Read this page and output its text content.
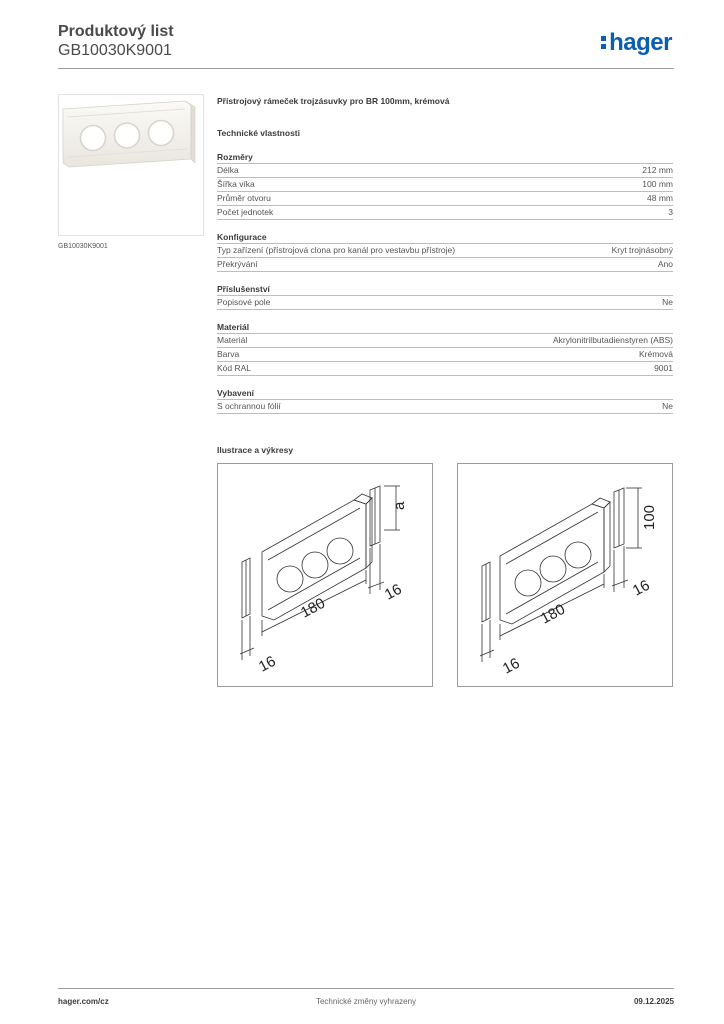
Produktový list
GB10030K9001	hager
GB10030K9001
Přístrojový rámeček trojzásuvky pro BR 100mm, krémová
Technické vlastnosti
Rozměry
Délka	212 mm
Šířka víka	100 mm
Průměr otvoru	48 mm
Počet jednotek	3
Konfigurace
Typ zařízení (přístrojová clona pro kanál pro vestavbu přístroje)	Kryt trojnásobný
Překrývání	Ano
Příslušenství
Popisové pole	Ne
Materiál
Materiál	Akrylonitrilbutadienstyren (ABS)
Barva	Krémová
Kód RAL	9001
Vybavení
S ochrannou fólií	Ne
Ilustrace a výkresy
a
16
180
16
100
16
180
16
hager.com/cz	Technické změny vyhrazeny	09.12.2025
